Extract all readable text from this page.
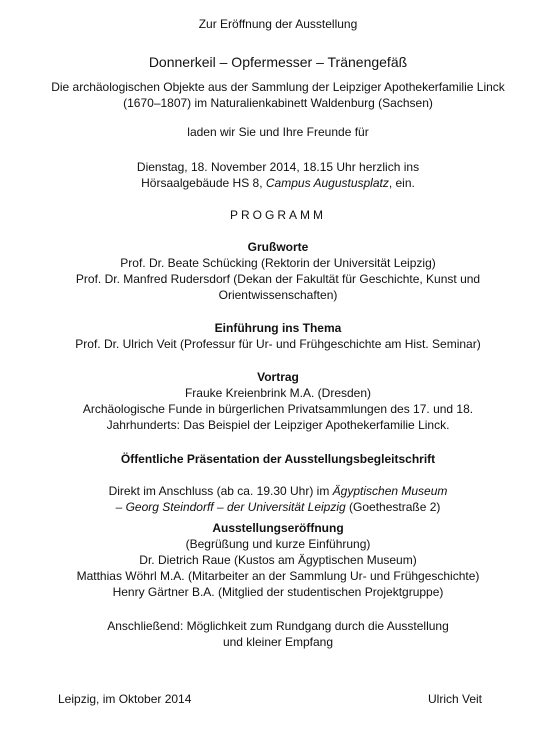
Zur Eröffnung der Ausstellung
Donnerkeil – Opfermesser – Tränengefäß
Die archäologischen Objekte aus der Sammlung der Leipziger Apothekerfamilie Linck
(1670–1807) im Naturalienkabinett Waldenburg (Sachsen)
laden wir Sie und Ihre Freunde für
Dienstag, 18. November 2014, 18.15 Uhr herzlich ins
Hörsaalgebäude HS 8, Campus Augustusplatz, ein.
PROGRAMM
Grußworte
Prof. Dr. Beate Schücking (Rektorin der Universität Leipzig)
Prof. Dr. Manfred Rudersdorf (Dekan der Fakultät für Geschichte, Kunst und
Orientwissenschaften)
Einführung ins Thema
Prof. Dr. Ulrich Veit (Professur für Ur- und Frühgeschichte am Hist. Seminar)
Vortrag
Frauke Kreienbrink M.A. (Dresden)
Archäologische Funde in bürgerlichen Privatsammlungen des 17. und 18.
Jahrhunderts: Das Beispiel der Leipziger Apothekerfamilie Linck.
Öffentliche Präsentation der Ausstellungsbegleitschrift
Direkt im Anschluss (ab ca. 19.30 Uhr) im Ägyptischen Museum
– Georg Steindorff – der Universität Leipzig (Goethestraße 2)
Ausstellungseröffnung
(Begrüßung und kurze Einführung)
Dr. Dietrich Raue (Kustos am Ägyptischen Museum)
Matthias Wöhrl M.A. (Mitarbeiter an der Sammlung Ur- und Frühgeschichte)
Henry Gärtner B.A. (Mitglied der studentischen Projektgruppe)
Anschließend: Möglichkeit zum Rundgang durch die Ausstellung
und kleiner Empfang
Leipzig, im Oktober 2014	Ulrich Veit
